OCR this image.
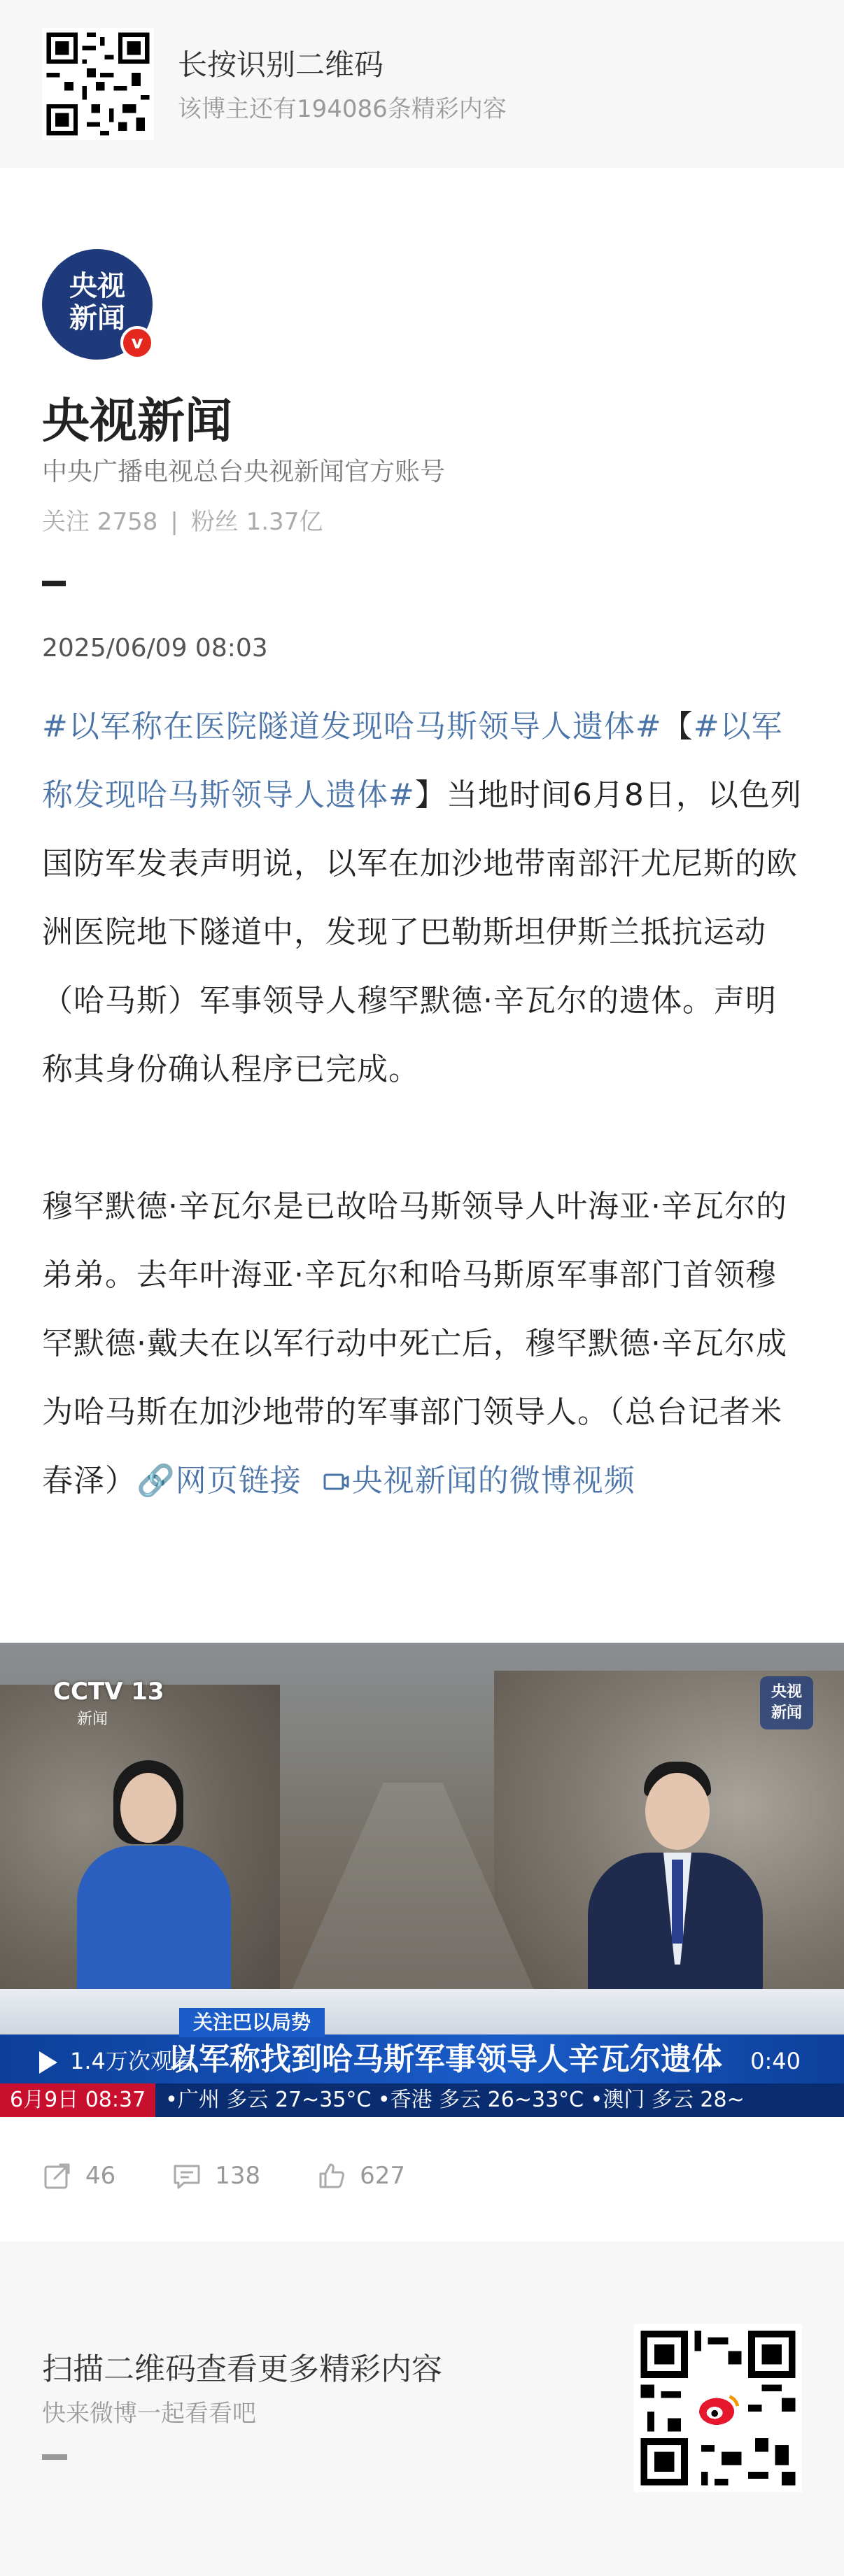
长按识别二维码
该博主还有194086条精彩内容
央视
新闻
v
央视新闻
中央广播电视总台央视新闻官方账号
关注 2758 | 粉丝 1.37亿
2025/06/09 08:03

#以军称在医院隧道发现哈马斯领导人遗体#【#以军称发现哈马斯领导人遗体#】当地时间6月8日，以色列国防军发表声明说，以军在加沙地带南部汗尤尼斯的欧洲医院地下隧道中，发现了巴勒斯坦伊斯兰抵抗运动（哈马斯）军事领导人穆罕默德·辛瓦尔的遗体。声明称其身份确认程序已完成。

穆罕默德·辛瓦尔是已故哈马斯领导人叶海亚·辛瓦尔的弟弟。去年叶海亚·辛瓦尔和哈马斯原军事部门首领穆罕默德·戴夫在以军行动中死亡后，穆罕默德·辛瓦尔成为哈马斯在加沙地带的军事部门领导人。（总台记者米春泽）🔗网页链接 央视新闻的微博视频

CCTV 13
新闻
央视
新闻
关注巴以局势
以军称找到哈马斯军事领导人辛瓦尔遗体
6月9日 08:37 •广州 多云 27~35°C •香港 多云 26~33°C •澳门 多云 28~
1.4万次观看	0:40
46	138	627
扫描二维码查看更多精彩内容
快来微博一起看看吧
